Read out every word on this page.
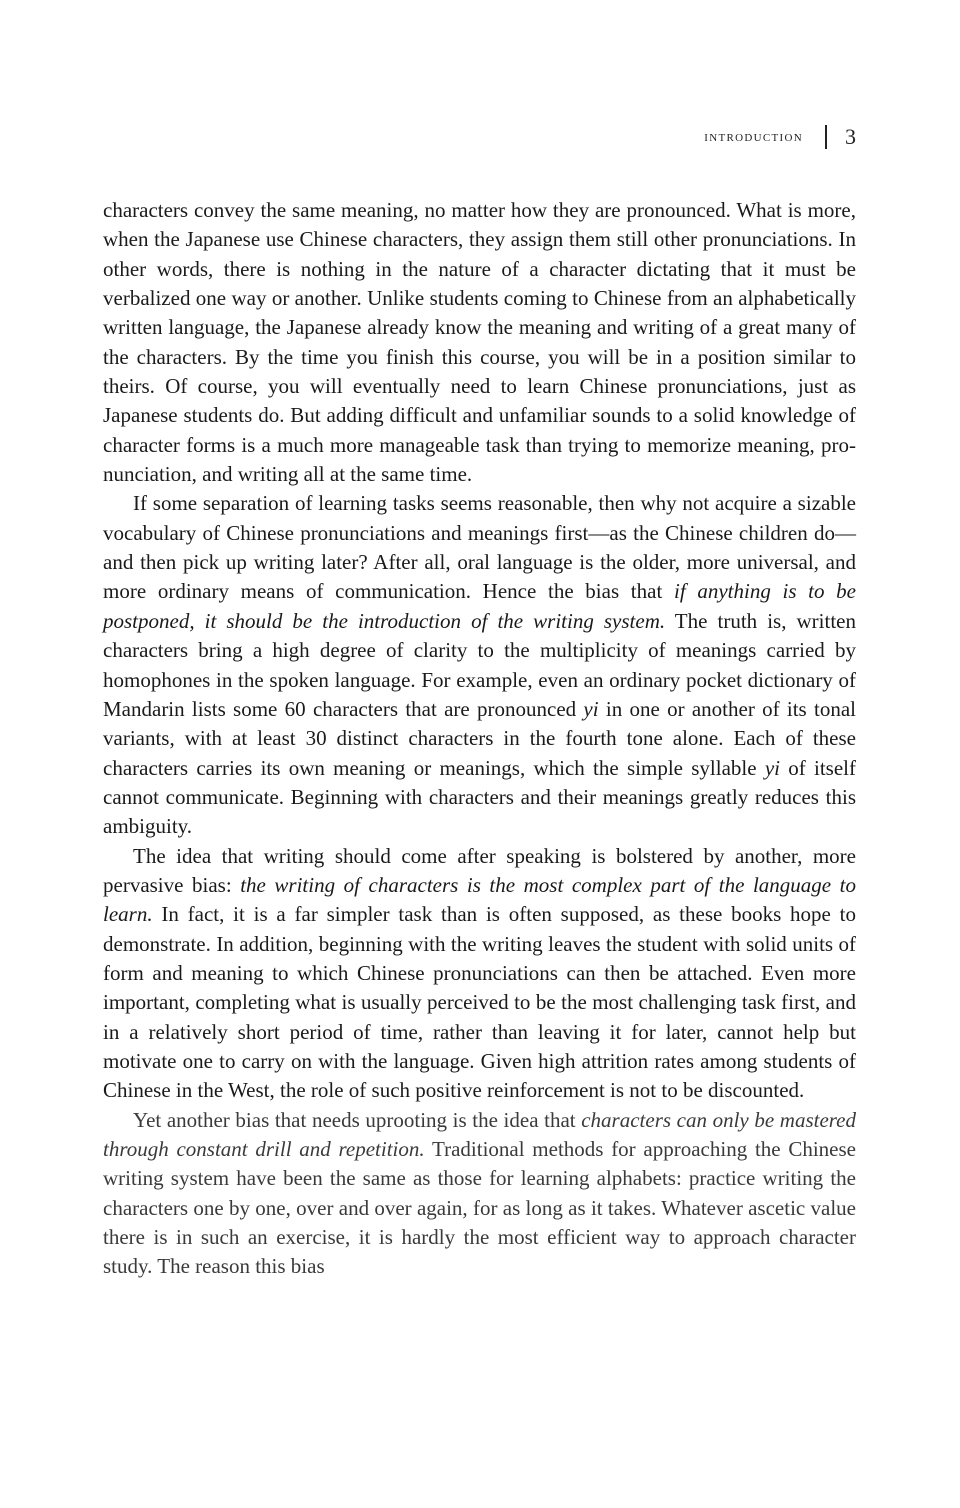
introduction 3

characters convey the same meaning, no matter how they are pronounced. What is more, when the Japanese use Chinese characters, they assign them still other pronunciations. In other words, there is nothing in the nature of a character dictating that it must be verbalized one way or another. Unlike students coming to Chinese from an alphabetically written language, the Japanese already know the meaning and writing of a great many of the characters. By the time you finish this course, you will be in a position similar to theirs. Of course, you will eventually need to learn Chinese pronunciations, just as Japanese students do. But adding difficult and unfamiliar sounds to a solid knowledge of character forms is a much more manageable task than trying to memorize meaning, pronunciation, and writing all at the same time.

If some separation of learning tasks seems reasonable, then why not acquire a sizable vocabulary of Chinese pronunciations and meanings first—as the Chinese children do—and then pick up writing later? After all, oral language is the older, more universal, and more ordinary means of communication. Hence the bias that if anything is to be postponed, it should be the introduction of the writing system. The truth is, written characters bring a high degree of clarity to the multiplicity of meanings carried by homophones in the spoken language. For example, even an ordinary pocket dictionary of Mandarin lists some 60 characters that are pronounced yi in one or another of its tonal variants, with at least 30 distinct characters in the fourth tone alone. Each of these characters carries its own meaning or meanings, which the simple syllable yi of itself cannot communicate. Beginning with characters and their meanings greatly reduces this ambiguity.

The idea that writing should come after speaking is bolstered by another, more pervasive bias: the writing of characters is the most complex part of the language to learn. In fact, it is a far simpler task than is often supposed, as these books hope to demonstrate. In addition, beginning with the writing leaves the student with solid units of form and meaning to which Chinese pronunciations can then be attached. Even more important, completing what is usually perceived to be the most challenging task first, and in a relatively short period of time, rather than leaving it for later, cannot help but motivate one to carry on with the language. Given high attrition rates among students of Chinese in the West, the role of such positive reinforcement is not to be discounted.

Yet another bias that needs uprooting is the idea that characters can only be mastered through constant drill and repetition. Traditional methods for approaching the Chinese writing system have been the same as those for learning alphabets: practice writing the characters one by one, over and over again, for as long as it takes. Whatever ascetic value there is in such an exercise, it is hardly the most efficient way to approach character study. The reason this bias
